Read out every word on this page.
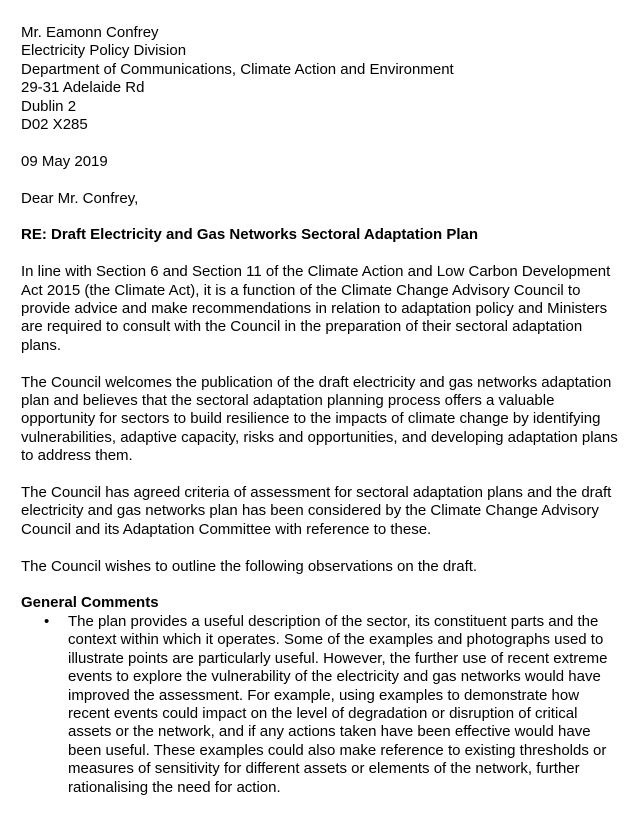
Mr. Eamonn Confrey
Electricity Policy Division
Department of Communications, Climate Action and Environment
29-31 Adelaide Rd
Dublin 2
D02 X285
09 May 2019
Dear Mr. Confrey,
RE: Draft Electricity and Gas Networks Sectoral Adaptation Plan

In line with Section 6 and Section 11 of the Climate Action and Low Carbon Development Act 2015 (the Climate Act), it is a function of the Climate Change Advisory Council to provide advice and make recommendations in relation to adaptation policy and Ministers are required to consult with the Council in the preparation of their sectoral adaptation plans.

The Council welcomes the publication of the draft electricity and gas networks adaptation plan and believes that the sectoral adaptation planning process offers a valuable opportunity for sectors to build resilience to the impacts of climate change by identifying vulnerabilities, adaptive capacity, risks and opportunities, and developing adaptation plans to address them.

The Council has agreed criteria of assessment for sectoral adaptation plans and the draft electricity and gas networks plan has been considered by the Climate Change Advisory Council and its Adaptation Committee with reference to these.

The Council wishes to outline the following observations on the draft.

General Comments
• The plan provides a useful description of the sector, its constituent parts and the context within which it operates. Some of the examples and photographs used to illustrate points are particularly useful. However, the further use of recent extreme events to explore the vulnerability of the electricity and gas networks would have improved the assessment. For example, using examples to demonstrate how recent events could impact on the level of degradation or disruption of critical assets or the network, and if any actions taken have been effective would have been useful. These examples could also make reference to existing thresholds or measures of sensitivity for different assets or elements of the network, further rationalising the need for action.
